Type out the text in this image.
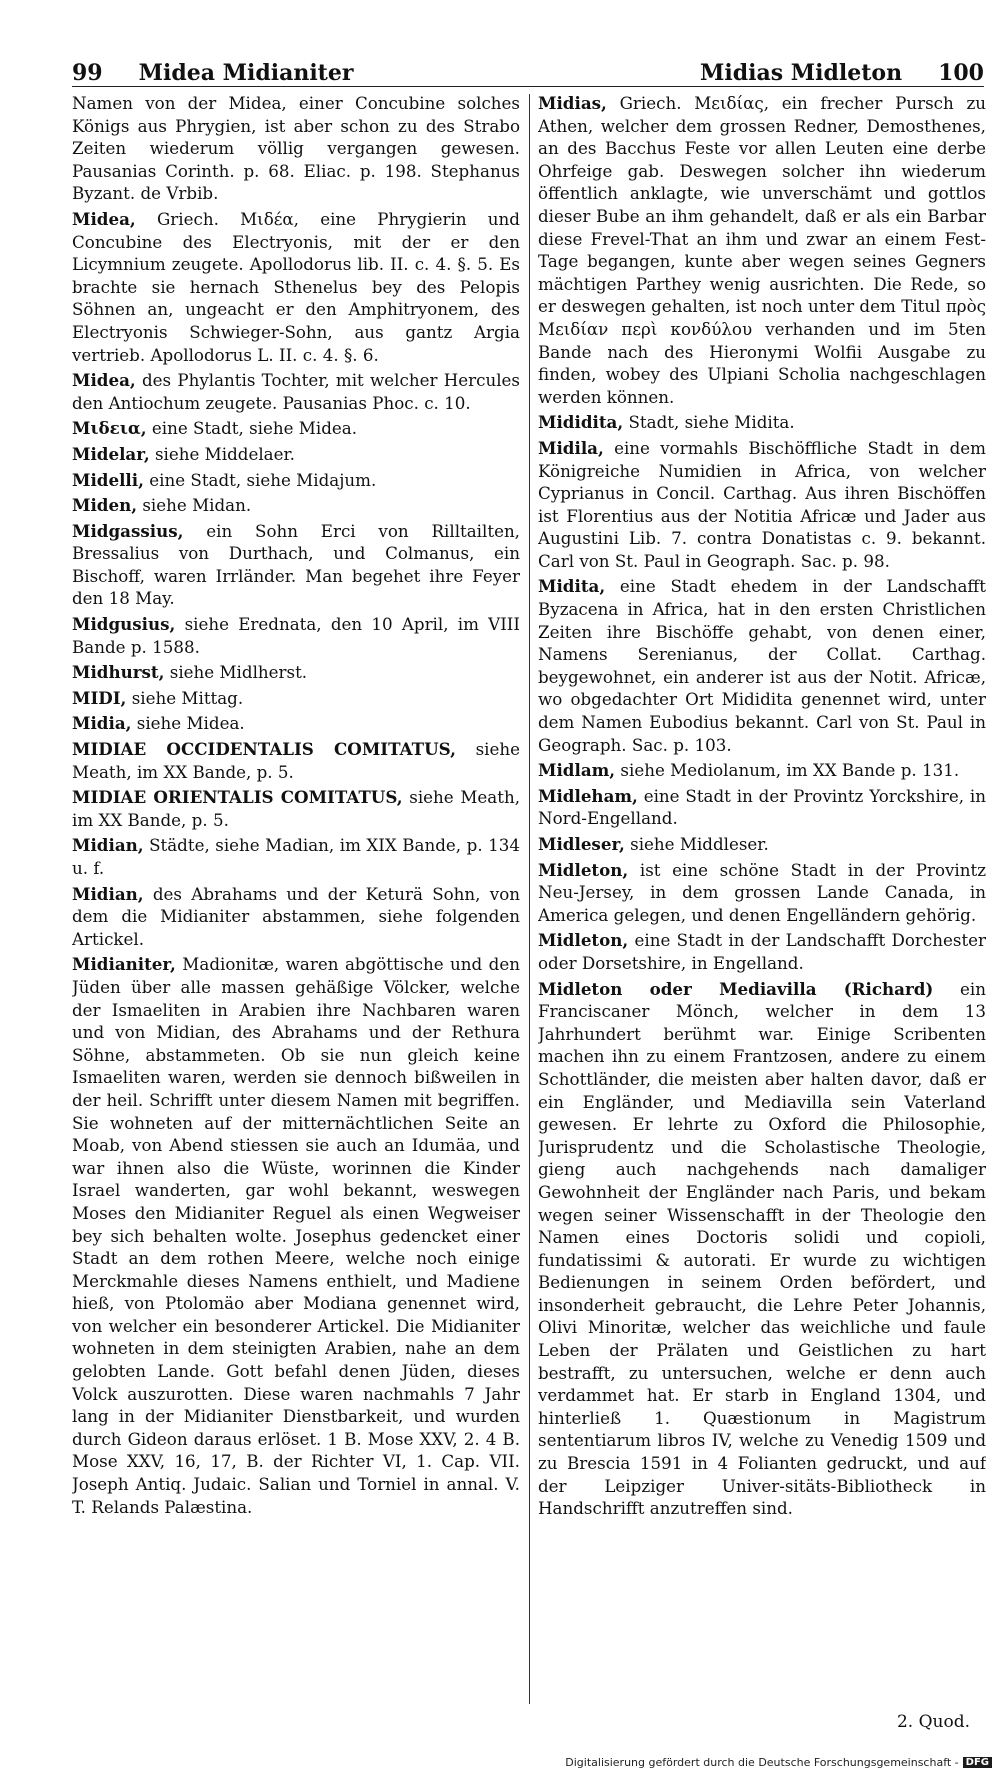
99 Midea Midianiter	Midias Midleton 100

Namen von der Midea, einer Concubine solches Königs aus Phrygien, ist aber schon zu des Strabo Zeiten wiederum völlig vergangen gewesen. Pausanias Corinth. p. 68. Eliac. p. 198. Stephanus Byzant. de Vrbib.

Midea, Griech. Μιδέα, eine Phrygierin und Concubine des Electryonis, mit der er den Licymnium zeugete. Apollodorus lib. II. c. 4. §. 5. Es brachte sie hernach Sthenelus bey des Pelopis Söhnen an, ungeacht er den Amphitryonem, des Electryonis Schwieger-Sohn, aus gantz Argia vertrieb. Apollodorus L. II. c. 4. §. 6.

Midea, des Phylantis Tochter, mit welcher Hercules den Antiochum zeugete. Pausanias Phoc. c. 10.

Μιδεια, eine Stadt, siehe Midea.

Midelar, siehe Middelaer.

Midelli, eine Stadt, siehe Midajum.

Miden, siehe Midan.

Midgassius, ein Sohn Erci von Rilltailten, Bressalius von Durthach, und Colmanus, ein Bischoff, waren Irrländer. Man begehet ihre Feyer den 18 May.

Midgusius, siehe Erednata, den 10 April, im VIII Bande p. 1588.

Midhurst, siehe Midlherst.

MIDI, siehe Mittag.

Midia, siehe Midea.

MIDIAE OCCIDENTALIS COMITATUS, siehe Meath, im XX Bande, p. 5.

MIDIAE ORIENTALIS COMITATUS, siehe Meath, im XX Bande, p. 5.

Midian, Städte, siehe Madian, im XIX Bande, p. 134 u. f.

Midian, des Abrahams und der Keturä Sohn, von dem die Midianiter abstammen, siehe folgenden Artickel.

Midianiter, Madionitæ, waren abgöttische und den Jüden über alle massen gehäßige Völcker, welche der Ismaeliten in Arabien ihre Nachbaren waren und von Midian, des Abrahams und der Rethura Söhne, abstammeten. Ob sie nun gleich keine Ismaeliten waren, werden sie dennoch bißweilen in der heil. Schrifft unter diesem Namen mit begriffen. Sie wohneten auf der mitternächtlichen Seite an Moab, von Abend stiessen sie auch an Idumäa, und war ihnen also die Wüste, worinnen die Kinder Israel wanderten, gar wohl bekannt, weswegen Moses den Midianiter Reguel als einen Wegweiser bey sich behalten wolte. Josephus gedencket einer Stadt an dem rothen Meere, welche noch einige Merckmahle dieses Namens enthielt, und Madiene hieß, von Ptolomäo aber Modiana genennet wird, von welcher ein besonderer Artickel. Die Midianiter wohneten in dem steinigten Arabien, nahe an dem gelobten Lande. Gott befahl denen Jüden, dieses Volck auszurotten. Diese waren nachmahls 7 Jahr lang in der Midianiter Dienstbarkeit, und wurden durch Gideon daraus erlöset. 1 B. Mose XXV, 2. 4 B. Mose XXV, 16, 17, B. der Richter VI, 1. Cap. VII. Joseph Antiq. Judaic. Salian und Torniel in annal. V. T. Relands Palæstina.

Midias, Griech. Μειδίας, ein frecher Pursch zu Athen, welcher dem grossen Redner, Demosthenes, an des Bacchus Feste vor allen Leuten eine derbe Ohrfeige gab. Deswegen solcher ihn wiederum öffentlich anklagte, wie unverschämt und gottlos dieser Bube an ihm gehandelt, daß er als ein Barbar diese Frevel-That an ihm und zwar an einem Fest-Tage begangen, kunte aber wegen seines Gegners mächtigen Parthey wenig ausrichten. Die Rede, so er deswegen gehalten, ist noch unter dem Titul πρὸς Μειδίαν περὶ κονδύλου verhanden und im 5ten Bande nach des Hieronymi Wolfii Ausgabe zu finden, wobey des Ulpiani Scholia nachgeschlagen werden können.

Mididitа, Stadt, siehe Midita.

Midila, eine vormahls Bischöffliche Stadt in dem Königreiche Numidien in Africa, von welcher Cyprianus in Concil. Carthag. Aus ihren Bischöffen ist Florentius aus der Notitia Africæ und Jader aus Augustini Lib. 7. contra Donatistas c. 9. bekannt. Carl von St. Paul in Geograph. Sac. p. 98.

Midita, eine Stadt ehedem in der Landschafft Byzacena in Africa, hat in den ersten Christlichen Zeiten ihre Bischöffe gehabt, von denen einer, Namens Serenianus, der Collat. Carthag. beygewohnet, ein anderer ist aus der Notit. Africæ, wo obgedachter Ort Mididita genennet wird, unter dem Namen Eubodius bekannt. Carl von St. Paul in Geograph. Sac. p. 103.

Midlam, siehe Mediolanum, im XX Bande p. 131.

Midleham, eine Stadt in der Provintz Yorckshire, in Nord-Engelland.

Midleser, siehe Middleser.

Midleton, ist eine schöne Stadt in der Provintz Neu-Jersey, in dem grossen Lande Canada, in America gelegen, und denen Engelländern gehörig.

Midleton, eine Stadt in der Landschafft Dorchester oder Dorsetshire, in Engelland.

Midleton oder Mediavilla (Richard) ein Franciscaner Mönch, welcher in dem 13 Jahrhundert berühmt war. Einige Scribenten machen ihn zu einem Frantzosen, andere zu einem Schottländer, die meisten aber halten davor, daß er ein Engländer, und Mediavilla sein Vaterland gewesen. Er lehrte zu Oxford die Philosophie, Jurisprudentz und die Scholastische Theologie, gieng auch nachgehends nach damaliger Gewohnheit der Engländer nach Paris, und bekam wegen seiner Wissenschafft in der Theologie den Namen eines Doctoris solidi und copioli, fundatissimi & autorati. Er wurde zu wichtigen Bedienungen in seinem Orden befördert, und insonderheit gebraucht, die Lehre Peter Johannis, Olivi Minoritæ, welcher das weichliche und faule Leben der Prälaten und Geistlichen zu hart bestrafft, zu untersuchen, welche er denn auch verdammet hat. Er starb in England 1304, und hinterließ 1. Quæstionum in Magistrum sententiarum libros IV, welche zu Venedig 1509 und zu Brescia 1591 in 4 Folianten gedruckt, und auf der Leipziger Univer-sitäts-Bibliotheck in Handschrifft anzutreffen sind.

2. Quod.
Digitalisierung gefördert durch die Deutsche Forschungsgemeinschaft - DFG
